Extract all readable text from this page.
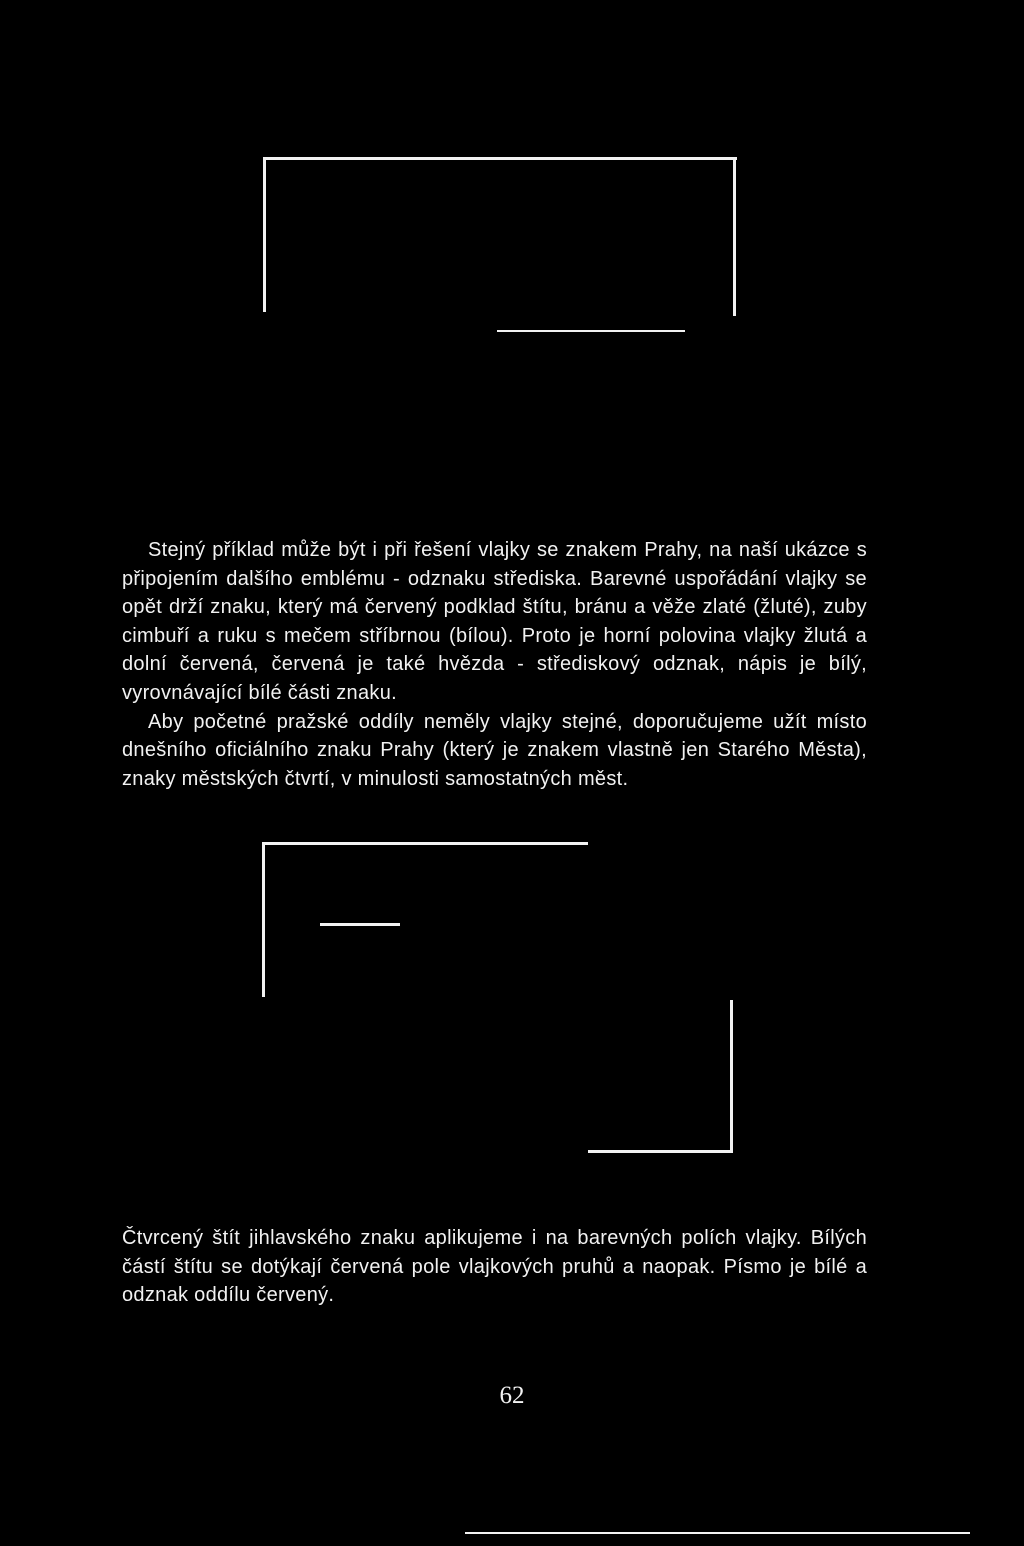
Stejný příklad může být i při řešení vlajky se znakem Prahy, na naší ukázce s připojením dalšího emblému - odznaku střediska. Barevné uspořádání vlajky se opět drží znaku, který má červený podklad štítu, bránu a věže zlaté (žluté), zuby cimbuří a ruku s mečem stříbrnou (bílou). Proto je horní polovina vlajky žlutá a dolní červená, červená je také hvězda - střediskový odznak, nápis je bílý, vyrovnávající bílé části znaku.

Aby početné pražské oddíly neměly vlajky stejné, doporučujeme užít místo dnešního oficiálního znaku Prahy (který je znakem vlastně jen Starého Města), znaky městských čtvrtí, v minulosti samostatných měst.

Čtvrcený štít jihlavského znaku aplikujeme i na barevných polích vlajky. Bílých částí štítu se dotýkají červená pole vlajkových pruhů a naopak. Písmo je bílé a odznak oddílu červený.

62
